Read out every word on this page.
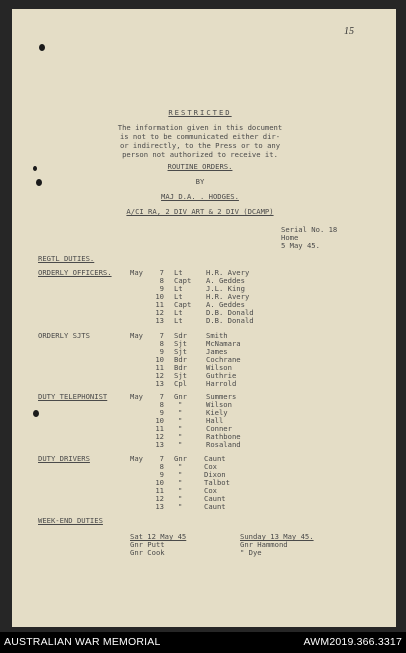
15
RESTRICTED
The information given in this document
is not to be communicated either dir-
or indirectly, to the Press or to any
person not authorized to receive it.
ROUTINE ORDERS.
BY
MAJ D.A. . HODGES.
A/CI RA, 2 DIV ART & 2 DIV (DCAMP)
Serial No. 18
Home
5 May 45.
REGTL DUTIES.
ORDERLY OFFICERS.	May	7 Lt	H.R. Avery
8 Capt A. Geddes
9 Lt	J.L. King
10 Lt	H.R. Avery
11 Capt A. Geddes
12 Lt	D.B. Donald
13 Lt	D.B. Donald
ORDERLY SJTS	May	7 Sdr	Smith
8 Sjt	McNamara
9 Sjt	James
10 Bdr	Cochrane
11 Bdr	Wilson
12 Sjt	Guthrie
13 Cpl	Harrold
DUTY TELEPHONIST	May	7 Gnr	Summers
8 "	Wilson
9 "	Kiely
10 "	Hall
11 "	Conner
12 "	Rathbone
13 "	Rosaland
DUTY DRIVERS	May	7 Gnr Caunt
8 "	Cox
9 "	Dixon
10 "	Talbot
11 "	Cox
12 "	Caunt
13 "	Caunt
WEEK-END DUTIES
Sat 12 May 45
Gnr Putt
Gnr Cook
Sunday 13 May 45.
Gnr Hammond
" Dye
AUSTRALIAN WAR MEMORIAL	AWM2019.366.3317
